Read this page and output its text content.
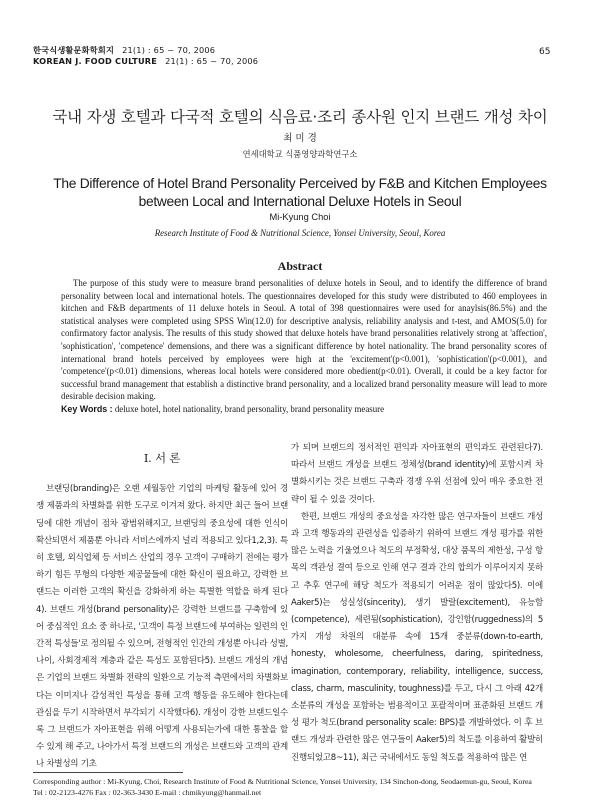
한국식생활문화학회지 21(1) : 65 ~ 70, 2006
KOREAN J. FOOD CULTURE 21(1) : 65 ~ 70, 2006
65
국내 자생 호텔과 다국적 호텔의 식음료·조리 종사원 인지 브랜드 개성 차이
최 미 경
연세대학교 식품영양과학연구소
The Difference of Hotel Brand Personality Perceived by F&B and Kitchen Employees between Local and International Deluxe Hotels in Seoul
Mi-Kyung Choi
Research Institute of Food & Nutritional Science, Yonsei University, Seoul, Korea
Abstract

The purpose of this study were to measure brand personalities of deluxe hotels in Seoul, and to identify the difference of brand personality between local and international hotels. The questionnaires developed for this study were distributed to 460 employees in kitchen and F&B departments of 11 deluxe hotels in Seoul. A total of 398 questionnaires were used for anaylsis(86.5%) and the statistical analyses were completed using SPSS Win(12.0) for descriptive analysis, reliability analysis and t-test, and AMOS(5.0) for confirmatory factor analysis. The results of this study showed that deluxe hotels have brand personalities relatively strong at 'affection', 'sophistication', 'competence' demensions, and there was a significant difference by hotel nationality. The brand personality scores of international brand hotels perceived by employees were high at the 'excitement'(p<0.001), 'sophistication'(p<0.001), and 'competence'(p<0.01) dimensions, whereas local hotels were considered more obedient(p<0.01). Overall, it could be a key factor for successful brand management that establish a distinctive brand personality, and a localized brand personality measure will lead to more desirable decision making.

Key Words : deluxe hotel, hotel nationality, brand personality, brand personality measure
I. 서 론

브랜딩(branding)은 오랜 세월동안 기업의 마케팅 활동에 있어 경쟁 제품과의 차별화를 위한 도구로 이겨져 왔다. 하지만 최근 들어 브랜딩에 대한 개념이 점차 광범위해지고, 브랜딩의 중요성에 대한 인식이 확산되면서 제품뿐 아니라 서비스에까지 널리 적용되고 있다1,2,3). 특히 호텔, 외식업체 등 서비스 산업의 경우 고객이 구매하기 전에는 평가하기 힘든 무형의 다양한 제공물들에 대한 확신이 필요하고, 강력한 브랜드는 이러한 고객의 확신을 강화하게 하는 특별한 역할을 하게 된다4). 브랜드 개성(brand personality)은 강력한 브랜드를 구축함에 있어 중심적인 요소 중 하나로, '고객이 특정 브랜드에 부여하는 일련의 인간적 특성들'로 정의될 수 있으며, 전형적인 인간의 개성뿐 아니라 성별, 나이, 사회경제적 계층과 같은 특성도 포함된다5). 브랜드 개성의 개념은 기업의 브랜드 차별화 전략의 일환으로 기능적 측면에서의 차별화보다는 이미지나 감성적인 특성을 통해 고객 행동을 유도해야 한다는데 관심을 두기 시작하면서 부각되기 시작했다6). 개성이 강한 브랜드일수록 그 브랜드가 자아표현을 위해 어떻게 사용되는가에 대한 통찰을 할 수 있게 해 주고, 나아가서 특정 브랜드의 개성은 브랜드와 고객의 관계나 차별성의 기초

가 되며 브랜드의 정서적인 편익과 자아표현의 편익과도 관련된다7). 따라서 브랜드 개성을 브랜드 정체성(brand identity)에 포함시켜 차별화시키는 것은 브랜드 구축과 경쟁 우위 선점에 있어 매우 중요한 전략이 될 수 있을 것이다.

한편, 브랜드 개성의 중요성을 자각한 많은 연구자들이 브랜드 개성과 고객 행동과의 관련성을 입증하기 위하여 브랜드 개성 평가를 위한 많은 노력을 기울였으나 척도의 부정확성, 대상 품목의 제한성, 구성 항목의 객관성 결여 등으로 인해 연구 결과 간의 합의가 이루어지지 못하고 추후 연구에 해당 척도가 적용되기 어려운 점이 많았다5). 이에 Aaker5)는 성실성(sincerity), 생기 발랄(excitement), 유능함(competence), 세련됨(sophistication), 강인함(ruggedness)의 5가지 개성 차원의 대분류 속에 15개 중분류(down-to-earth, honesty, wholesome, cheerfulness, daring, spiritedness, imagination, contemporary, reliability, intelligence, success, class, charm, masculinity, toughness)를 두고, 다시 그 아래 42개 소분류의 개성을 포함하는 범용적이고 포괄적이며 표준화된 브랜드 개성 평가 척도(brand personality scale: BPS)를 개발하였다. 이 후 브랜드 개성과 관련한 많은 연구들이 Aaker5)의 척도를 이용하여 활발히 진행되었고8~11), 최근 국내에서도 동일 척도를 적용하여 많은 연

Corresponding author : Mi-Kyung, Choi, Research Institute of Food & Nutritional Science, Yonsei University, 134 Sinchon-dong, Seodaemun-gu, Seoul, Korea
Tel : 02-2123-4276 Fax : 02-363-3430 E-mail : chmikyung@hanmail.net
